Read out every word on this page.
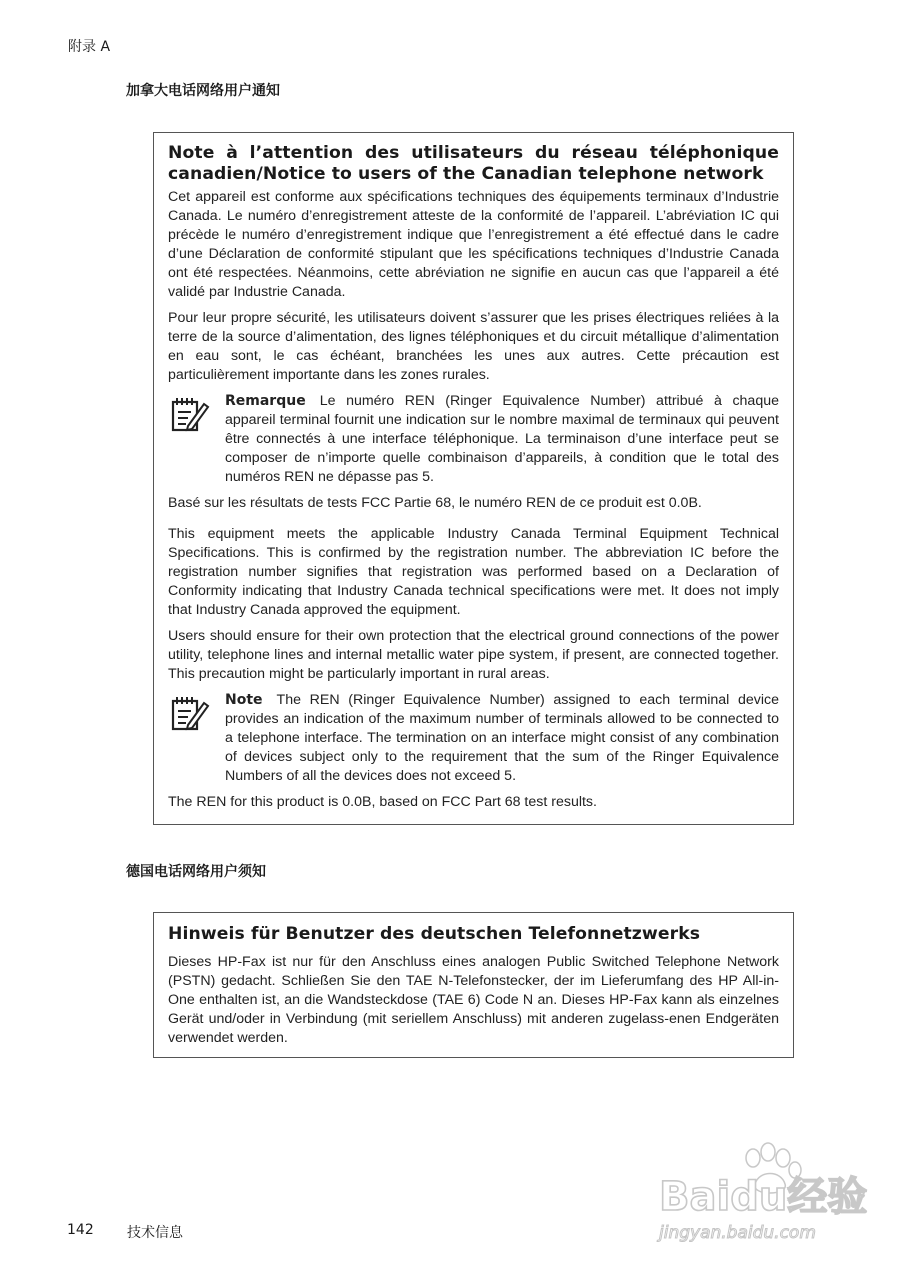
附录 A
加拿大电话网络用户通知
Note à l’attention des utilisateurs du réseau téléphonique canadien/Notice to users of the Canadian telephone network

Cet appareil est conforme aux spécifications techniques des équipements terminaux d’Industrie Canada. Le numéro d’enregistrement atteste de la conformité de l’appareil. L’abréviation IC qui précède le numéro d’enregistrement indique que l’enregistrement a été effectué dans le cadre d’une Déclaration de conformité stipulant que les spécifications techniques d’Industrie Canada ont été respectées. Néanmoins, cette abréviation ne signifie en aucun cas que l’appareil a été validé par Industrie Canada.

Pour leur propre sécurité, les utilisateurs doivent s’assurer que les prises électriques reliées à la terre de la source d’alimentation, des lignes téléphoniques et du circuit métallique d’alimentation en eau sont, le cas échéant, branchées les unes aux autres. Cette précaution est particulièrement importante dans les zones rurales.

Remarque Le numéro REN (Ringer Equivalence Number) attribué à chaque appareil terminal fournit une indication sur le nombre maximal de terminaux qui peuvent être connectés à une interface téléphonique. La terminaison d’une interface peut se composer de n’importe quelle combinaison d’appareils, à condition que le total des numéros REN ne dépasse pas 5.

Basé sur les résultats de tests FCC Partie 68, le numéro REN de ce produit est 0.0B.

This equipment meets the applicable Industry Canada Terminal Equipment Technical Specifications. This is confirmed by the registration number. The abbreviation IC before the registration number signifies that registration was performed based on a Declaration of Conformity indicating that Industry Canada technical specifications were met. It does not imply that Industry Canada approved the equipment.

Users should ensure for their own protection that the electrical ground connections of the power utility, telephone lines and internal metallic water pipe system, if present, are connected together. This precaution might be particularly important in rural areas.

Note The REN (Ringer Equivalence Number) assigned to each terminal device provides an indication of the maximum number of terminals allowed to be connected to a telephone interface. The termination on an interface might consist of any combination of devices subject only to the requirement that the sum of the Ringer Equivalence Numbers of all the devices does not exceed 5.

The REN for this product is 0.0B, based on FCC Part 68 test results.

德国电话网络用户须知
Hinweis für Benutzer des deutschen Telefonnetzwerks

Dieses HP-Fax ist nur für den Anschluss eines analogen Public Switched Telephone Network (PSTN) gedacht. Schließen Sie den TAE N-Telefonstecker, der im Lieferumfang des HP All-in-One enthalten ist, an die Wandsteckdose (TAE 6) Code N an. Dieses HP-Fax kann als einzelnes Gerät und/oder in Verbindung (mit seriellem Anschluss) mit anderen zugelass-enen Endgeräten verwendet werden.

Baidu经验
jingyan.baidu.com
142 技术信息
